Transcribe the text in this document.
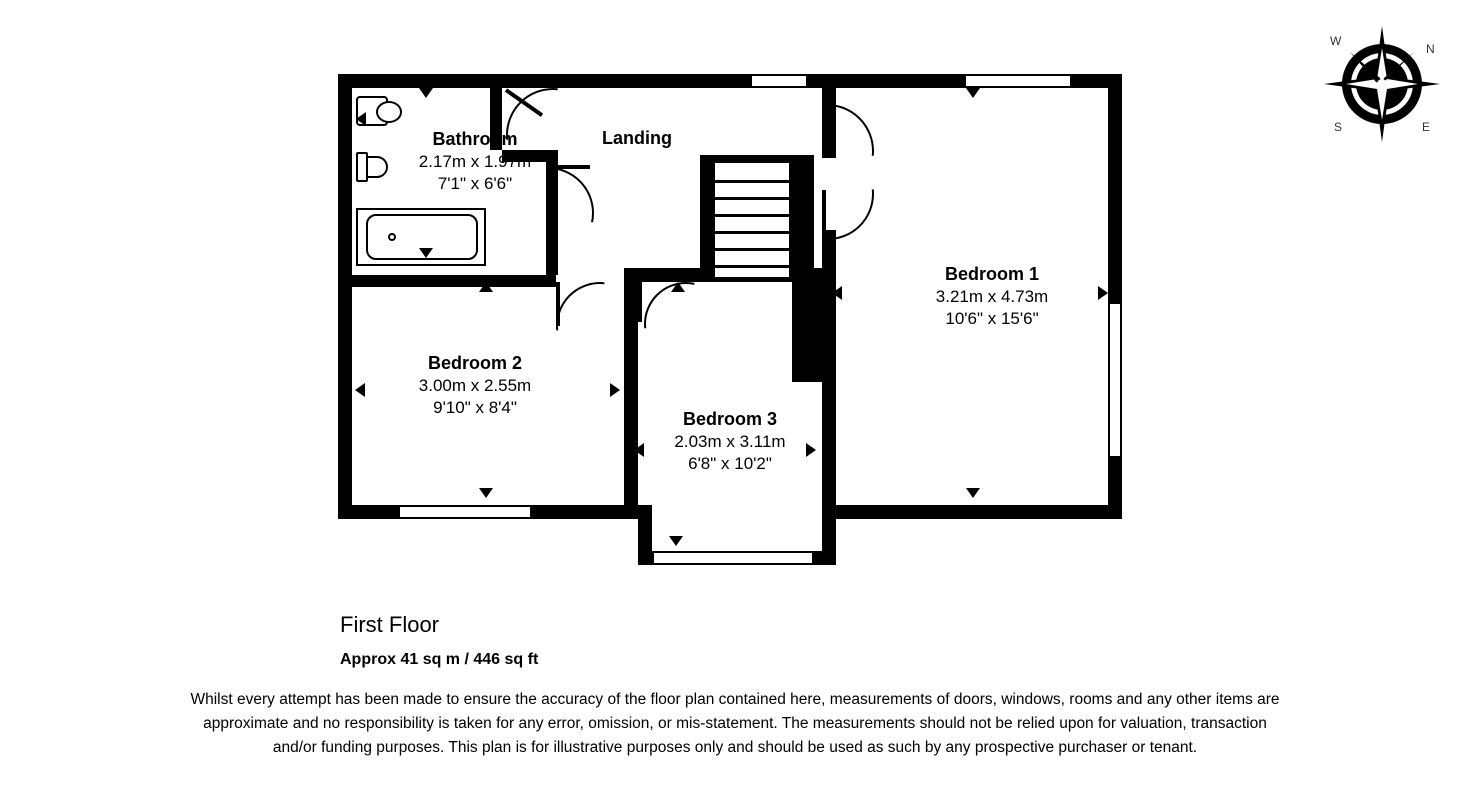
Bathroom
2.17m x 1.97m
7'1" x 6'6"
Landing
Bedroom 1
3.21m x 4.73m
10'6" x 15'6"
Bedroom 2
3.00m x 2.55m
9'10" x 8'4"
Bedroom 3
2.03m x 3.11m
6'8" x 10'2"
W
N
S	E
First Floor
Approx 41 sq m / 446 sq ft
Whilst every attempt has been made to ensure the accuracy of the floor plan contained here, measurements of doors, windows, rooms and any other items are approximate and no responsibility is taken for any error, omission, or mis-statement. The measurements should not be relied upon for valuation, transaction and/or funding purposes. This plan is for illustrative purposes only and should be used as such by any prospective purchaser or tenant.
